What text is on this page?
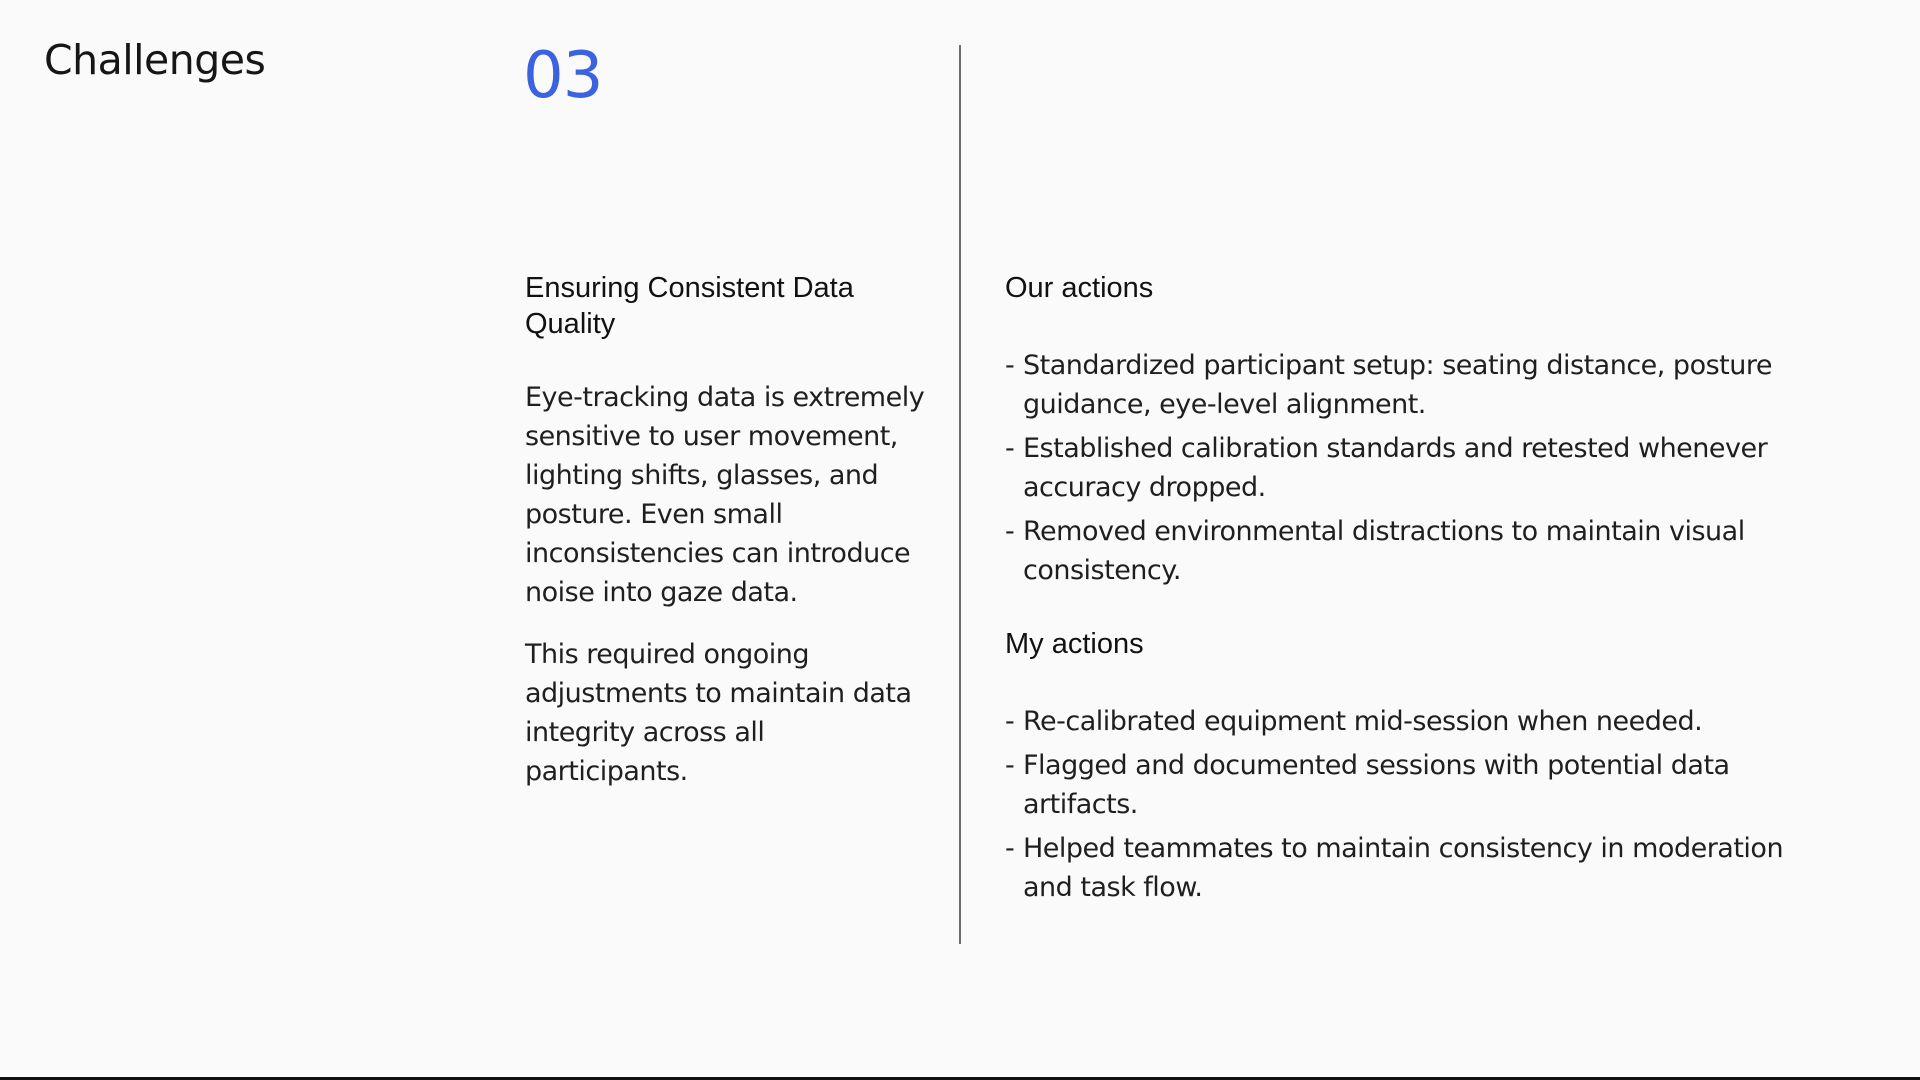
Challenges	03
Ensuring Consistent Data Quality

Eye-tracking data is extremely sensitive to user movement, lighting shifts, glasses, and posture. Even small inconsistencies can introduce noise into gaze data.

This required ongoing adjustments to maintain data integrity across all participants.

Our actions
- Standardized participant setup: seating distance, posture guidance, eye-level alignment.
- Established calibration standards and retested whenever accuracy dropped.
- Removed environmental distractions to maintain visual consistency.
My actions
- Re-calibrated equipment mid-session when needed.
- Flagged and documented sessions with potential data artifacts.
- Helped teammates to maintain consistency in moderation and task flow.
